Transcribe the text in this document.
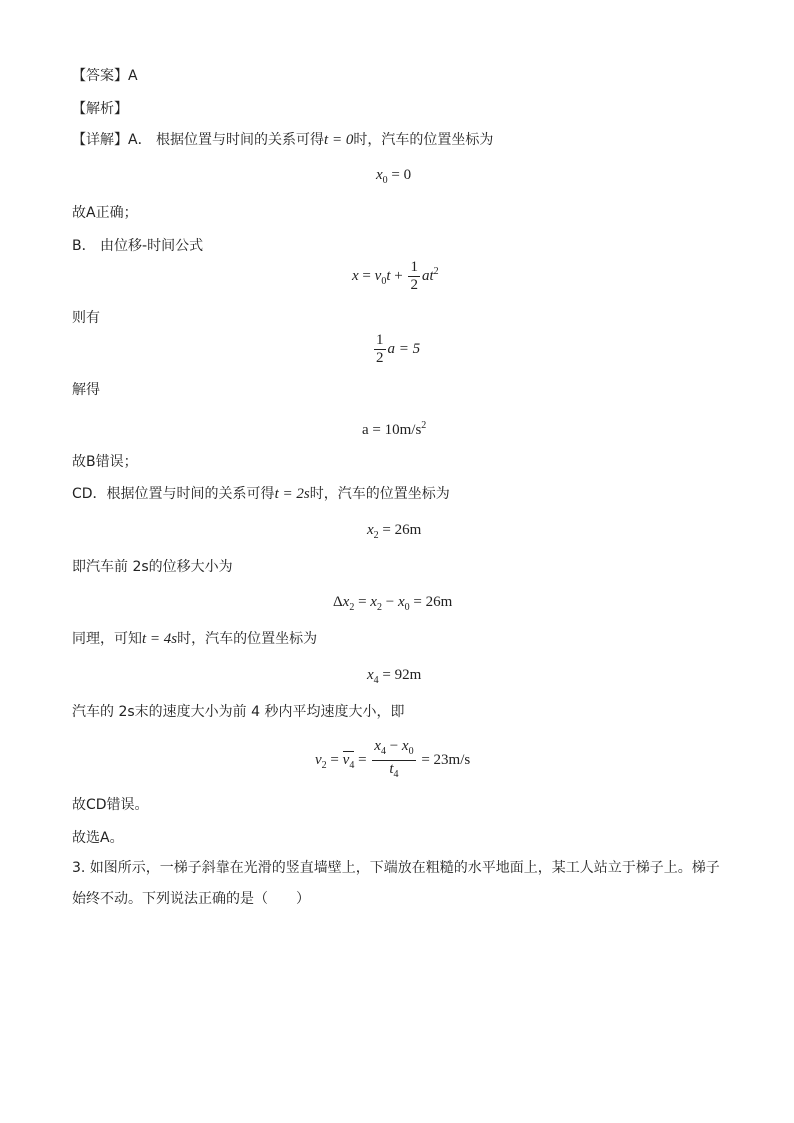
【答案】A
【解析】
【详解】A． 根据位置与时间的关系可得t = 0时，汽车的位置坐标为
$x_0 = 0$
故A正确；
B． 由位移-时间公式
$x = v_0t + \frac{1}{2} at^2$
则有
$\frac{1}{2}$ a = 5
解得
$a = 10m/s^2$
故B错误；
CD．根据位置与时间的关系可得t = 2s时，汽车的位置坐标为
$x_2 = 26m$
即汽车前 2s的位移大小为
$\Delta x_2 = x_2 - x_0 = 26m$
同理，可知t = 4s时，汽车的位置坐标为
$x_4 = 92m$
汽车的 2s末的速度大小为前 4 秒内平均速度大小，即
$v_2 = v_4 = \frac{x_4 - x_0}{t_4} = 23m/s$
故CD错误。
故选A。
3. 如图所示，一梯子斜靠在光滑的竖直墙壁上，下端放在粗糙的水平地面上，某工人站立于梯子上。梯子
始终不动。下列说法正确的是（　　）
